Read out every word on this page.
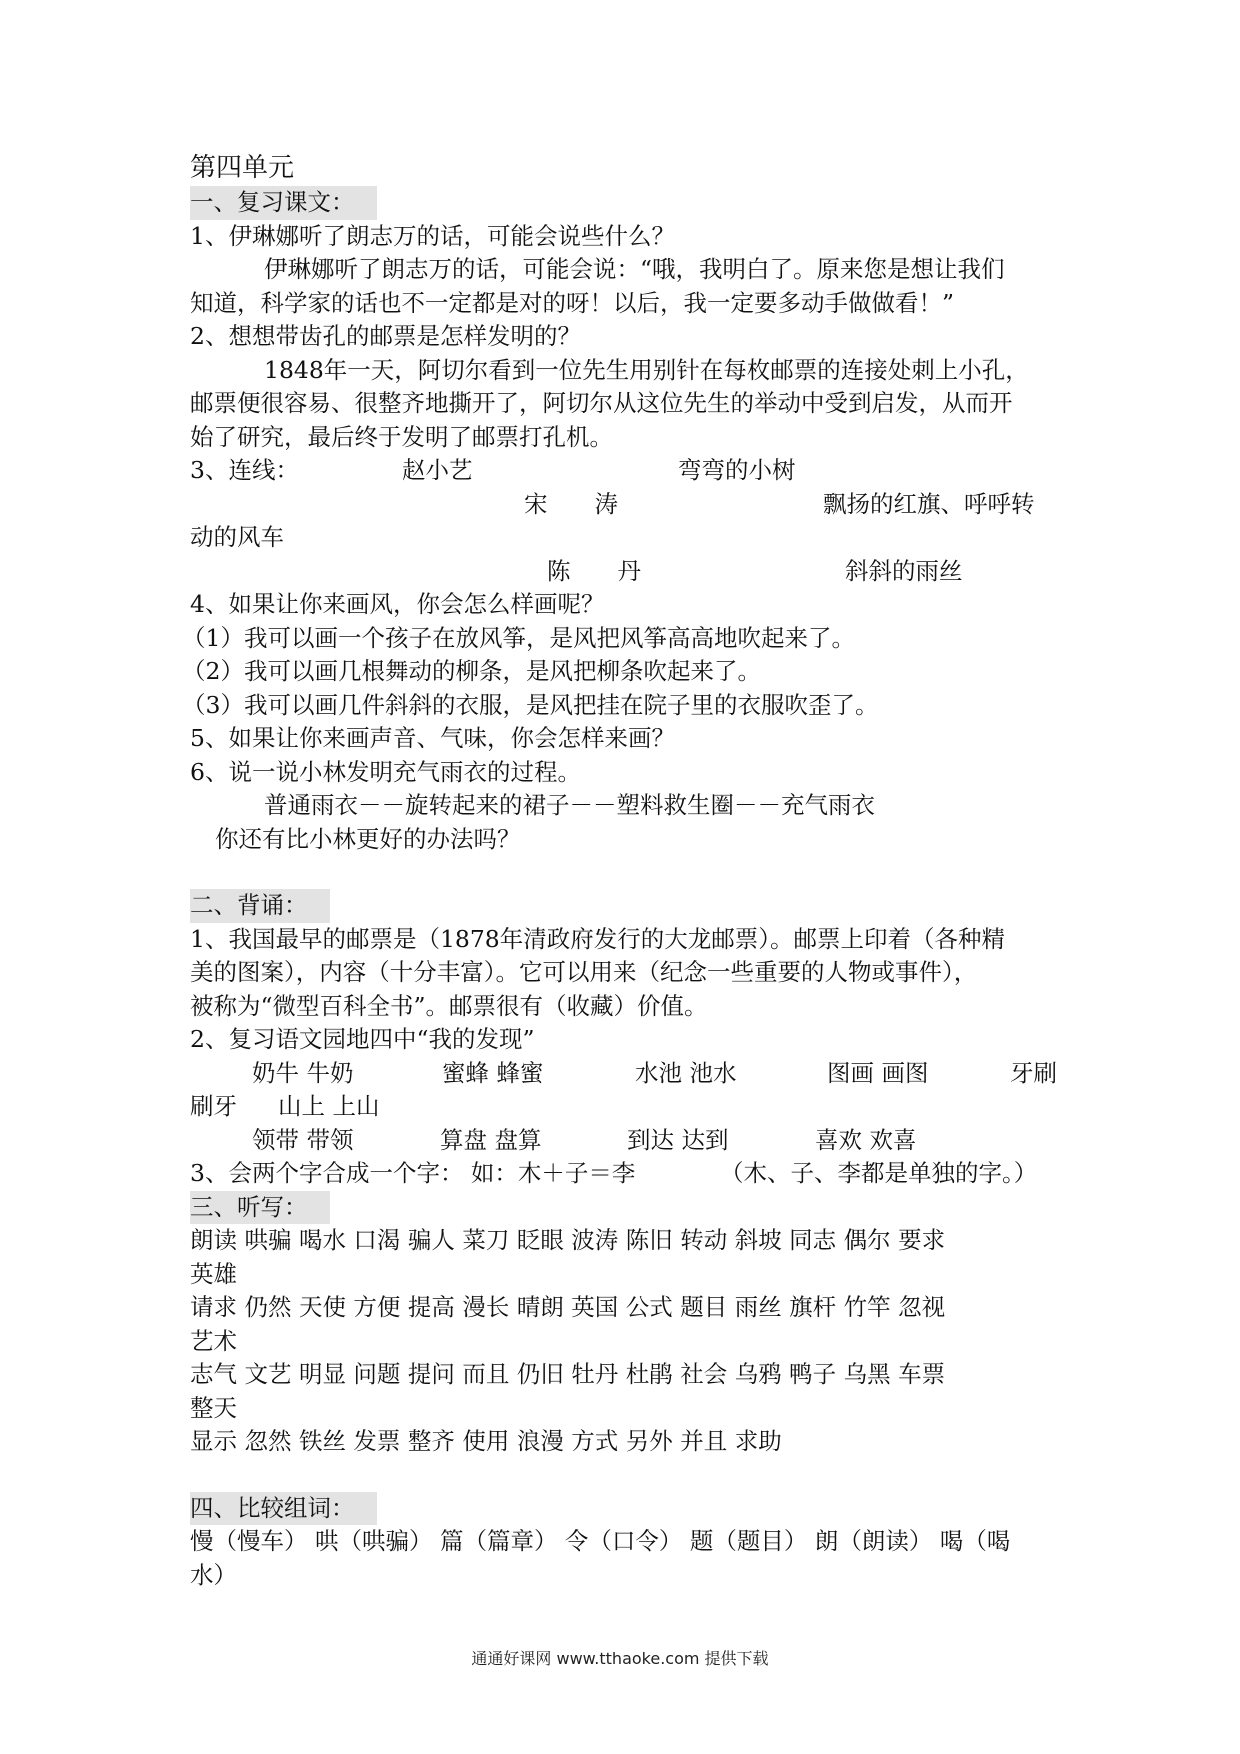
第四单元
一、复习课文：
1、伊琳娜听了朗志万的话，可能会说些什么？
伊琳娜听了朗志万的话，可能会说：“哦，我明白了。原来您是想让我们
知道，科学家的话也不一定都是对的呀！以后，我一定要多动手做做看！”
2、想想带齿孔的邮票是怎样发明的？
1848年一天，阿切尔看到一位先生用别针在每枚邮票的连接处刺上小孔，
邮票便很容易、很整齐地撕开了，阿切尔从这位先生的举动中受到启发，从而开
始了研究，最后终于发明了邮票打孔机。
3、连线：	赵小艺	弯弯的小树
宋　　涛	飘扬的红旗、呼呼转
动的风车
陈　　丹	斜斜的雨丝
4、如果让你来画风，你会怎么样画呢？
（1）我可以画一个孩子在放风筝，是风把风筝高高地吹起来了。
（2）我可以画几根舞动的柳条，是风把柳条吹起来了。
（3）我可以画几件斜斜的衣服，是风把挂在院子里的衣服吹歪了。
5、如果让你来画声音、气味，你会怎样来画？
6、说一说小林发明充气雨衣的过程。
普通雨衣－－旋转起来的裙子－－塑料救生圈－－充气雨衣
你还有比小林更好的办法吗？
二、背诵：
1、我国最早的邮票是（1878年清政府发行的大龙邮票）。邮票上印着（各种精
美的图案），内容（十分丰富）。它可以用来（纪念一些重要的人物或事件），
被称为“微型百科全书”。邮票很有（收藏）价值。
2、复习语文园地四中“我的发现”
奶牛 牛奶	蜜蜂 蜂蜜	水池 池水	图画 画图	牙刷
刷牙 山上 上山
领带 带领	算盘 盘算	到达 达到	喜欢 欢喜
3、会两个字合成一个字： 如：木＋子＝李	（木、子、李都是单独的字。）
三、听写：
朗读 哄骗 喝水 口渴 骗人 菜刀 眨眼 波涛 陈旧 转动 斜坡 同志 偶尔 要求
英雄
请求 仍然 天使 方便 提高 漫长 晴朗 英国 公式 题目 雨丝 旗杆 竹竿 忽视
艺术
志气 文艺 明显 问题 提问 而且 仍旧 牡丹 杜鹃 社会 乌鸦 鸭子 乌黑 车票
整天
显示 忽然 铁丝 发票 整齐 使用 浪漫 方式 另外 并且 求助
四、比较组词：
慢（慢车） 哄（哄骗） 篇（篇章） 令（口令） 题（题目） 朗（朗读） 喝（喝
水）
通通好课网 www.tthaoke.com 提供下载
